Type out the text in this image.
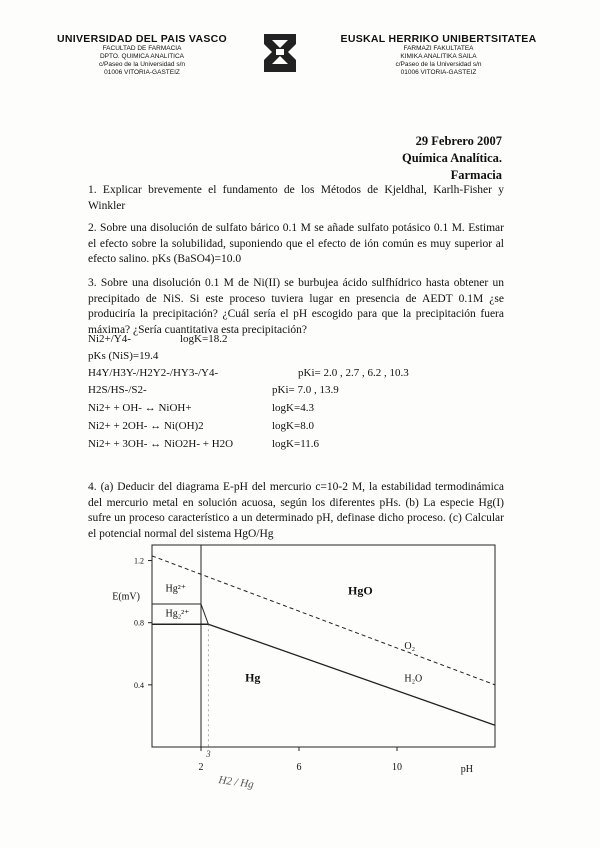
UNIVERSIDAD DEL PAIS VASCO
FACULTAD DE FARMACIA
DPTO. QUIMICA ANALITICA
c/Paseo de la Universidad s/n
01006 VITORIA-GASTEIZ
EUSKAL HERRIKO UNIBERTSITATEA
FARMAZI FAKULTATEA
KIMIKA ANALITIKA SAILA
c/Paseo de la Universidad s/n
01006 VITORIA-GASTEIZ
29 Febrero 2007
Química Analítica. Farmacia
1. Explicar brevemente el fundamento de los Métodos de Kjeldhal, Karlh-Fisher y Winkler
2. Sobre una disolución de sulfato bárico 0.1 M se añade sulfato potásico 0.1 M. Estimar el efecto sobre la solubilidad, suponiendo que el efecto de ión común es muy superior al efecto salino. pKs (BaSO4)=10.0
3. Sobre una disolución 0.1 M de Ni(II) se burbujea ácido sulfhídrico hasta obtener un precipitado de NiS. Si este proceso tuviera lugar en presencia de AEDT 0.1M ¿se produciría la precipitación? ¿Cuál sería el pH escogido para que la precipitación fuera máxima? ¿Sería cuantitativa esta precipitación?
Ni2+/Y4-	logK=18.2
pKs (NiS)=19.4
H4Y/H3Y-/H2Y2-/HY3-/Y4-	pKi= 2.0 , 2.7 , 6.2 , 10.3
H2S/HS-/S2-	pKi= 7.0 , 13.9
Ni2+ + OH- ↔ NiOH+	logK=4.3
Ni2+ + 2OH- ↔ Ni(OH)2	logK=8.0
Ni2+ + 3OH- ↔ NiO2H- + H2O	logK=11.6
4. (a) Deducir del diagrama E-pH del mercurio c=10-2 M, la estabilidad termodinámica del mercurio metal en solución acuosa, según los diferentes pHs. (b) La especie Hg(I) sufre un proceso característico a un determinado pH, definase dicho proceso. (c) Calcular el potencial normal del sistema HgO/Hg
Hg²⁺
Hg₂²⁺
HgO
Hg
O₂
H₂O
1.2
0.8
0.4
E(mV)
2	6	10	pH
3
H2 / Hg
